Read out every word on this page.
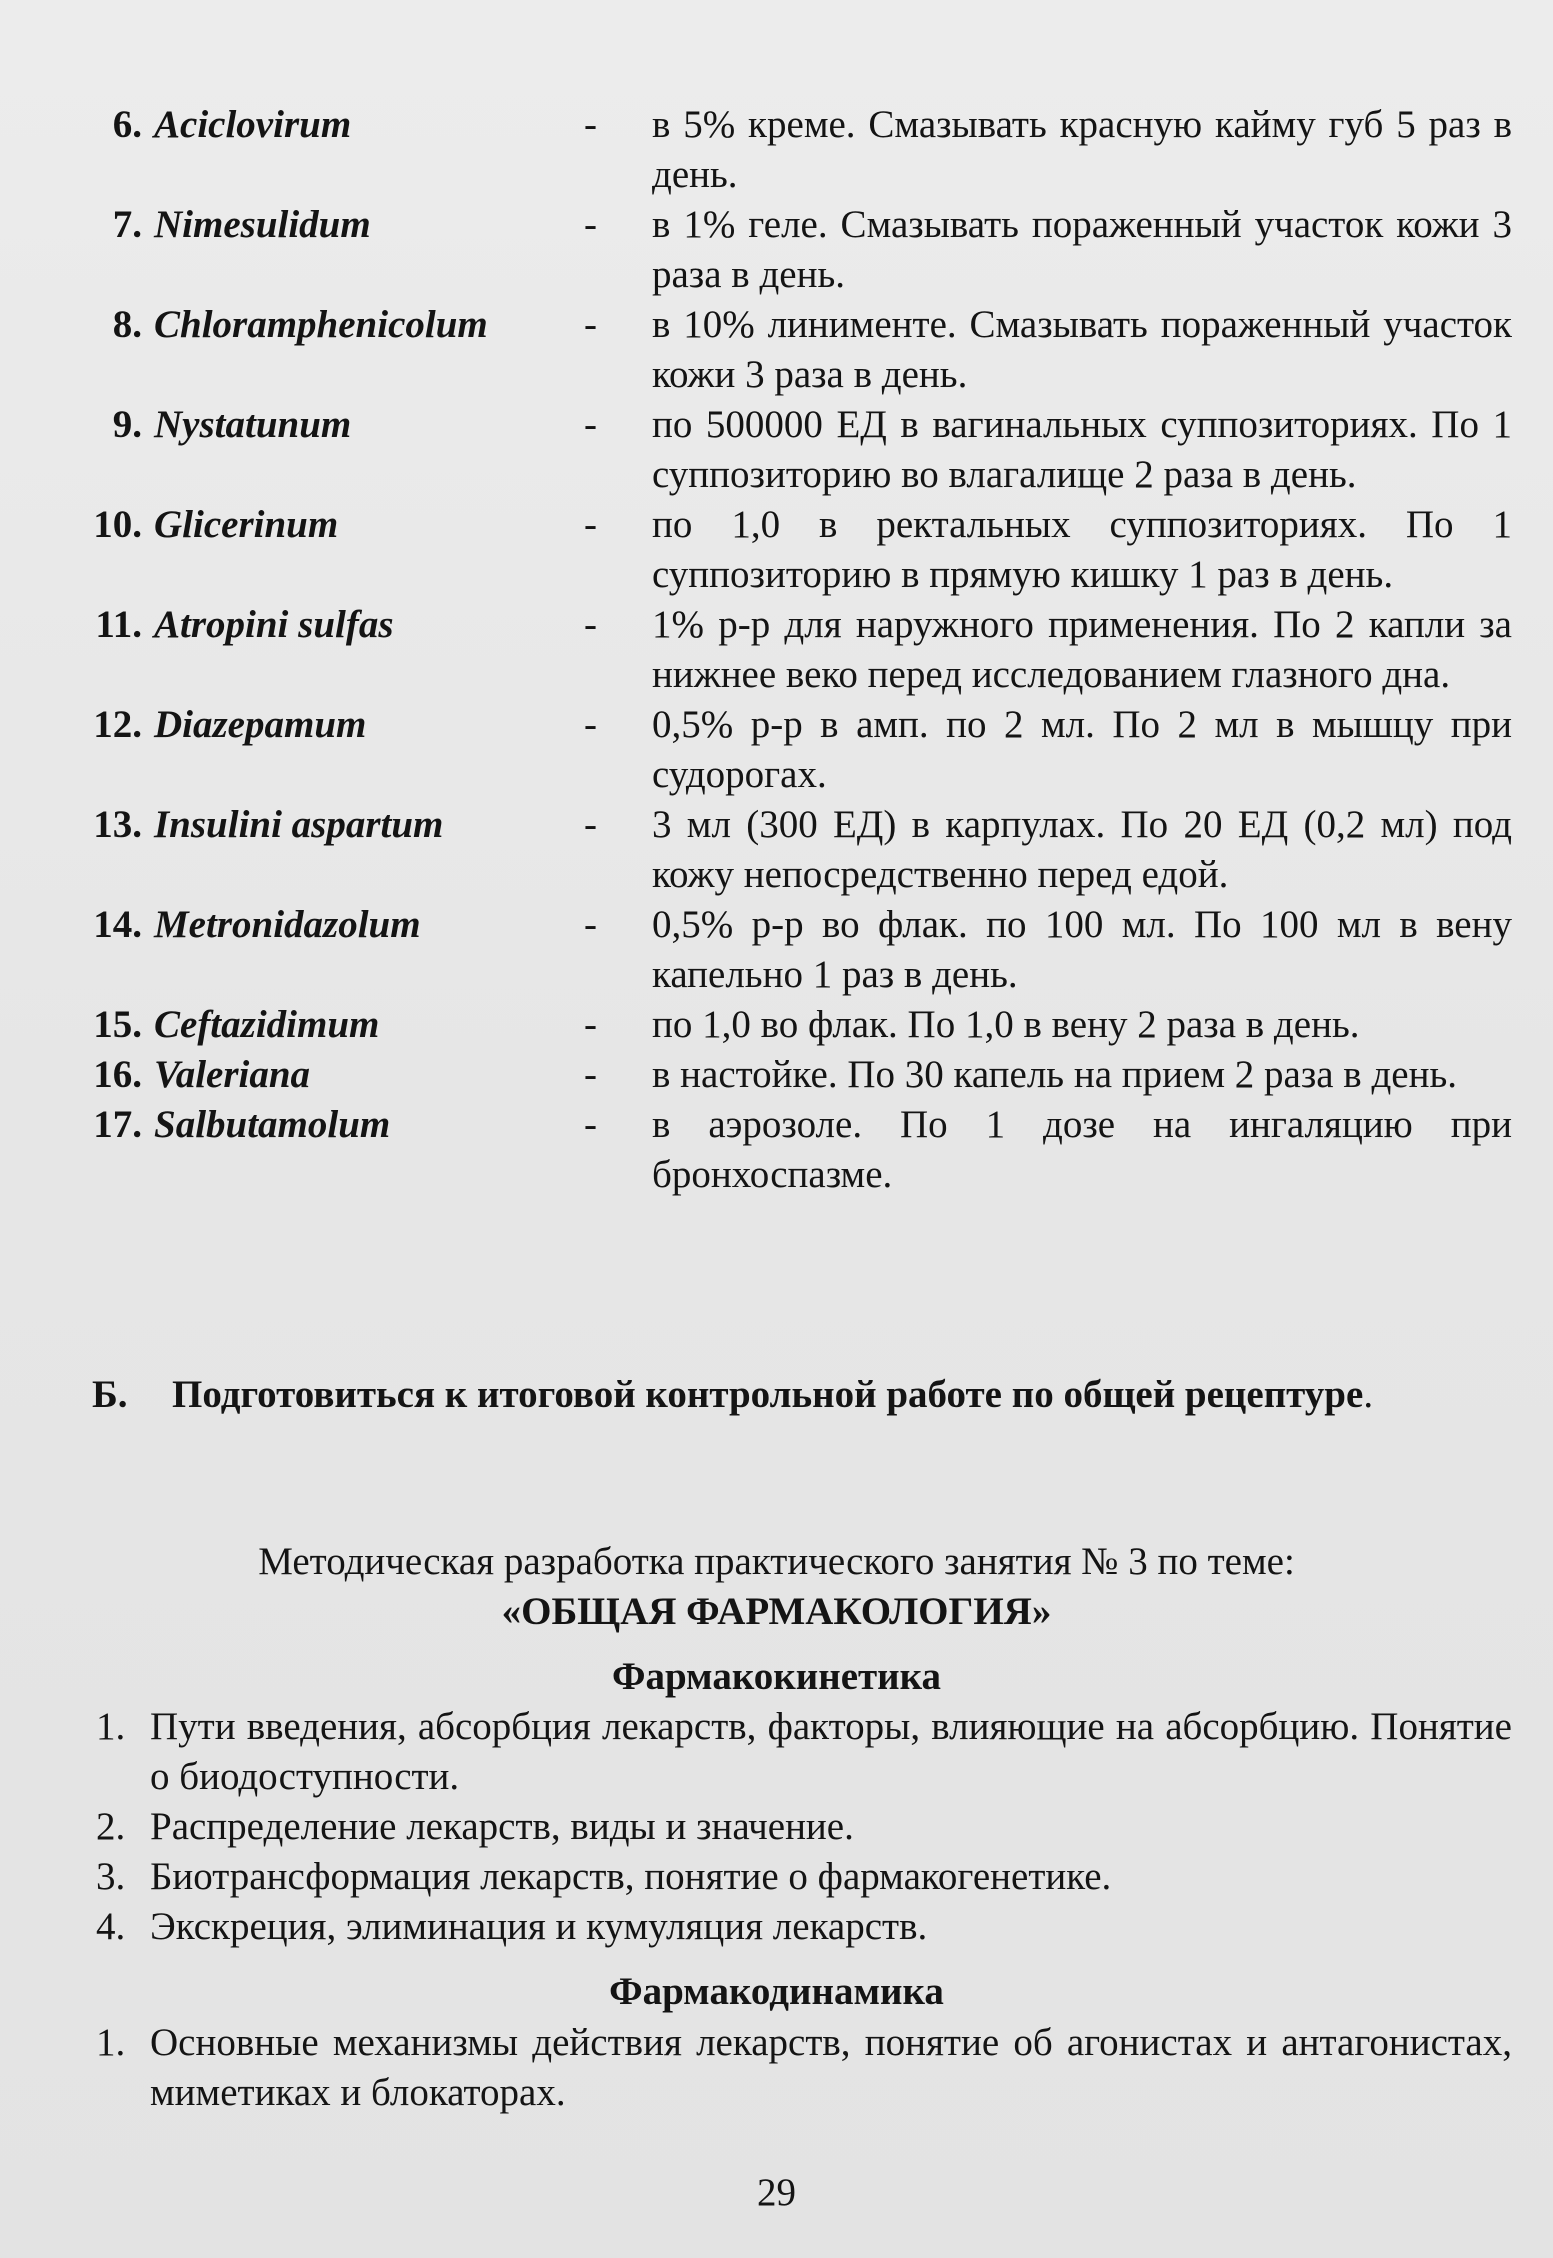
6. Aciclovirum	- в 5% креме. Смазывать красную кайму губ 5 раз в день.
7. Nimesulidum	- в 1% геле. Смазывать пораженный участок кожи 3 раза в день.
8. Chloramphenicolum - в 10% линименте. Смазывать пораженный участок кожи 3 раза в день.
9. Nystatunum	- по 500000 ЕД в вагинальных суппозиториях. По 1 суппозиторию во влагалище 2 раза в день.
10. Glicerinum	- по 1,0 в ректальных суппозиториях. По 1 суппозиторию в прямую кишку 1 раз в день.
11. Atropini sulfas	- 1% р-р для наружного применения. По 2 капли за нижнее веко перед исследованием глазного дна.
12. Diazepamum	- 0,5% р-р в амп. по 2 мл. По 2 мл в мышцу при судорогах.
13. Insulini aspartum	- 3 мл (300 ЕД) в карпулах. По 20 ЕД (0,2 мл) под кожу непосредственно перед едой.
14. Metronidazolum	- 0,5% р-р во флак. по 100 мл. По 100 мл в вену капельно 1 раз в день.
15. Ceftazidimum	- по 1,0 во флак. По 1,0 в вену 2 раза в день.
16. Valeriana	- в настойке. По 30 капель на прием 2 раза в день.
17. Salbutamolum	- в аэрозоле. По 1 дозе на ингаляцию при бронхоспазме.
Б. Подготовиться к итоговой контрольной работе по общей рецептуре.
Методическая разработка практического занятия № 3 по теме:
«ОБЩАЯ ФАРМАКОЛОГИЯ»
Фармакокинетика
1. Пути введения, абсорбция лекарств, факторы, влияющие на абсорбцию. Понятие о биодоступности.
2. Распределение лекарств, виды и значение.
3. Биотрансформация лекарств, понятие о фармакогенетике.
4. Экскреция, элиминация и кумуляция лекарств.
Фармакодинамика
1. Основные механизмы действия лекарств, понятие об агонистах и антагонистах, миметиках и блокаторах.
29
